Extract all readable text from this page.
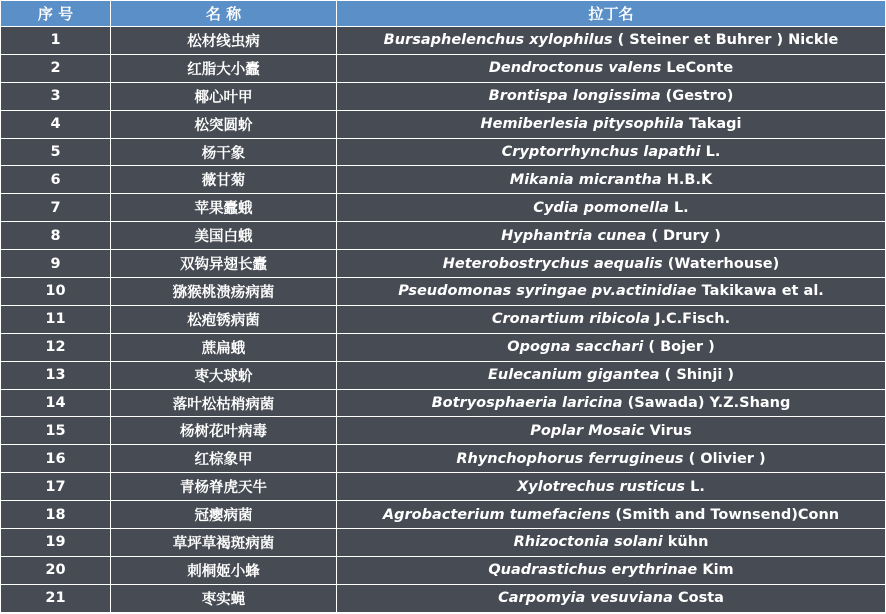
序 号	名 称	拉丁名
1	松材线虫病	Bursaphelenchus xylophilus ( Steiner et Buhrer ) Nickle
2	红脂大小蠹	Dendroctonus valens LeConte
3	椰心叶甲	Brontispa longissima (Gestro)
4	松突圆蚧	Hemiberlesia pitysophila Takagi
5	杨干象	Cryptorrhynchus lapathi L.
6	薇甘菊	Mikania micrantha H.B.K
7	苹果蠹蛾	Cydia pomonella L.
8	美国白蛾	Hyphantria cunea ( Drury )
9	双钩异翅长蠹	Heterobostrychus aequalis (Waterhouse)
10	猕猴桃溃疡病菌	Pseudomonas syringae pv.actinidiae Takikawa et al.
11	松疱锈病菌	Cronartium ribicola J.C.Fisch.
12	蔗扁蛾	Opogna sacchari ( Bojer )
13	枣大球蚧	Eulecanium gigantea ( Shinji )
14	落叶松枯梢病菌	Botryosphaeria laricina (Sawada) Y.Z.Shang
15	杨树花叶病毒	Poplar Mosaic Virus
16	红棕象甲	Rhynchophorus ferrugineus ( Olivier )
17	青杨脊虎天牛	Xylotrechus rusticus L.
18	冠瘿病菌	Agrobacterium tumefaciens (Smith and Townsend)Conn
19	草坪草褐斑病菌	Rhizoctonia solani kühn
20	刺桐姬小蜂	Quadrastichus erythrinae Kim
21	枣实蝇	Carpomyia vesuviana Costa
